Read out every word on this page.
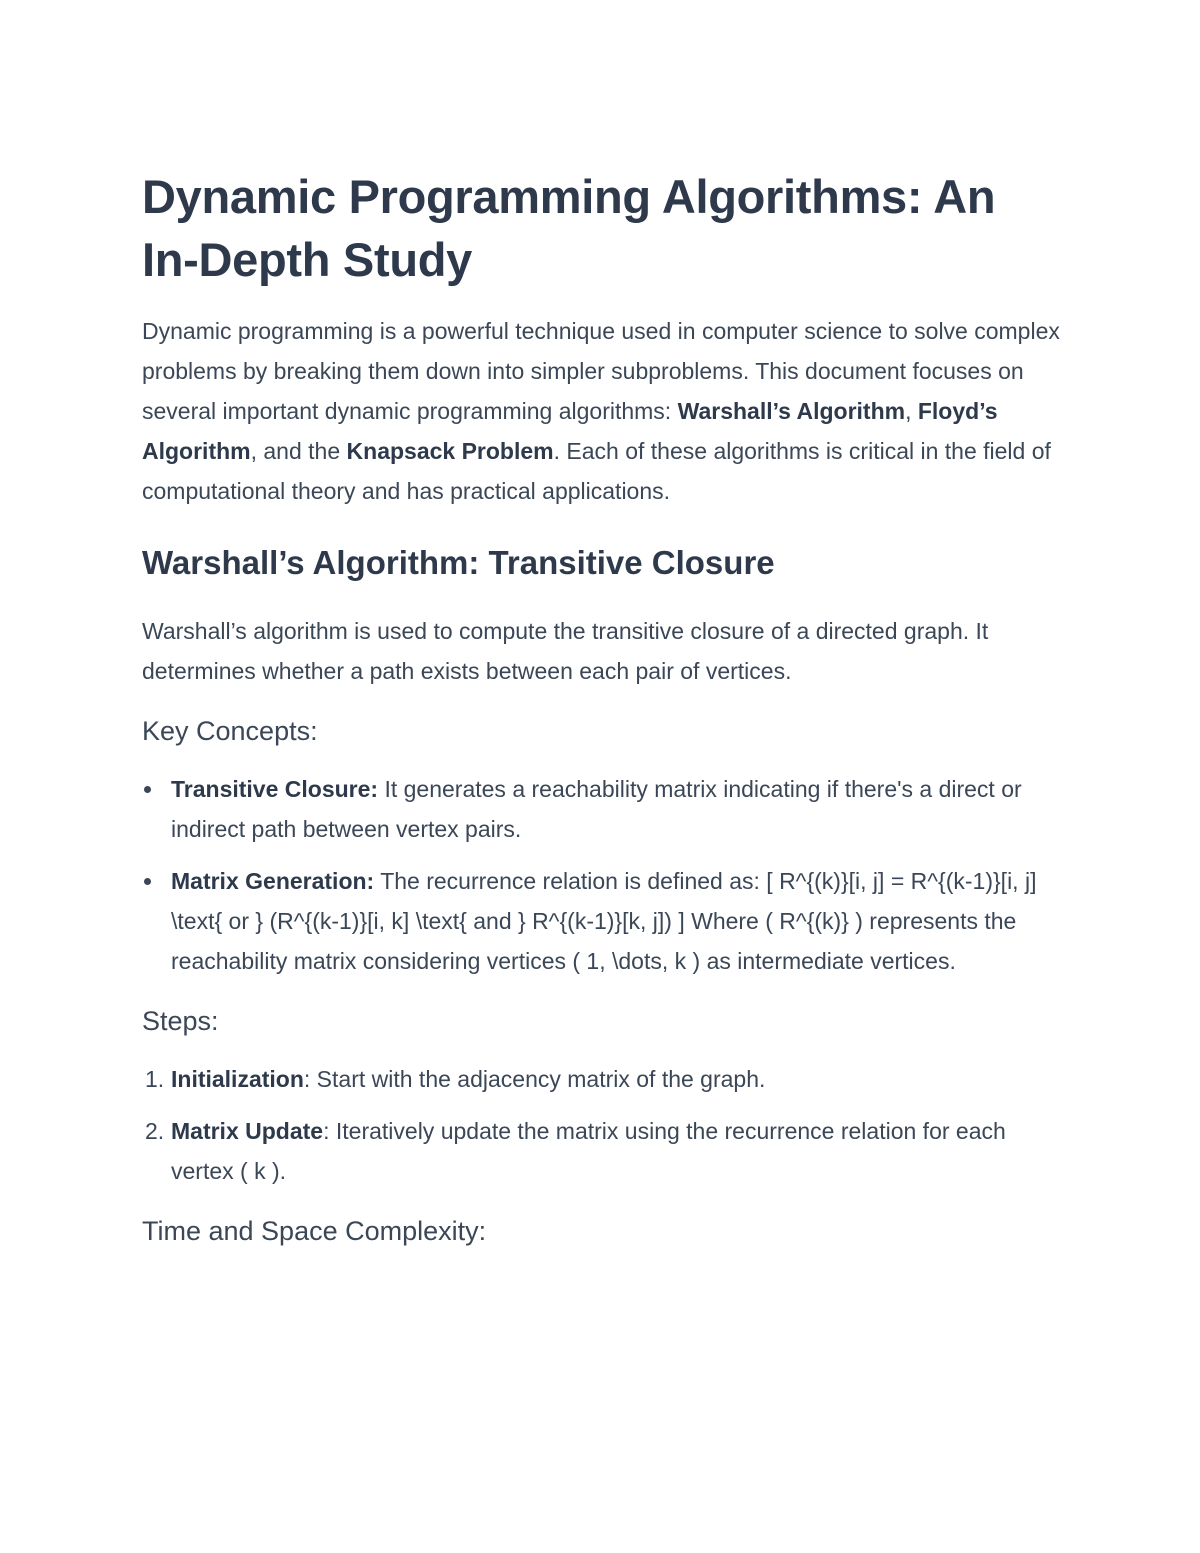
Dynamic Programming Algorithms: An In-Depth Study

Dynamic programming is a powerful technique used in computer science to solve complex problems by breaking them down into simpler subproblems. This document focuses on several important dynamic programming algorithms: Warshall’s Algorithm, Floyd’s Algorithm, and the Knapsack Problem. Each of these algorithms is critical in the field of computational theory and has practical applications.

Warshall’s Algorithm: Transitive Closure

Warshall’s algorithm is used to compute the transitive closure of a directed graph. It determines whether a path exists between each pair of vertices.

Key Concepts:
Transitive Closure: It generates a reachability matrix indicating if there's a direct or indirect path between vertex pairs.
Matrix Generation: The recurrence relation is defined as: [ R^{(k)}[i, j] = R^{(k-1)}[i, j] \text{ or } (R^{(k-1)}[i, k] \text{ and } R^{(k-1)}[k, j]) ] Where ( R^{(k)} ) represents the reachability matrix considering vertices ( 1, \dots, k ) as intermediate vertices.
Steps:
1. Initialization: Start with the adjacency matrix of the graph.
2. Matrix Update: Iteratively update the matrix using the recurrence relation for each vertex ( k ).
Time and Space Complexity:
